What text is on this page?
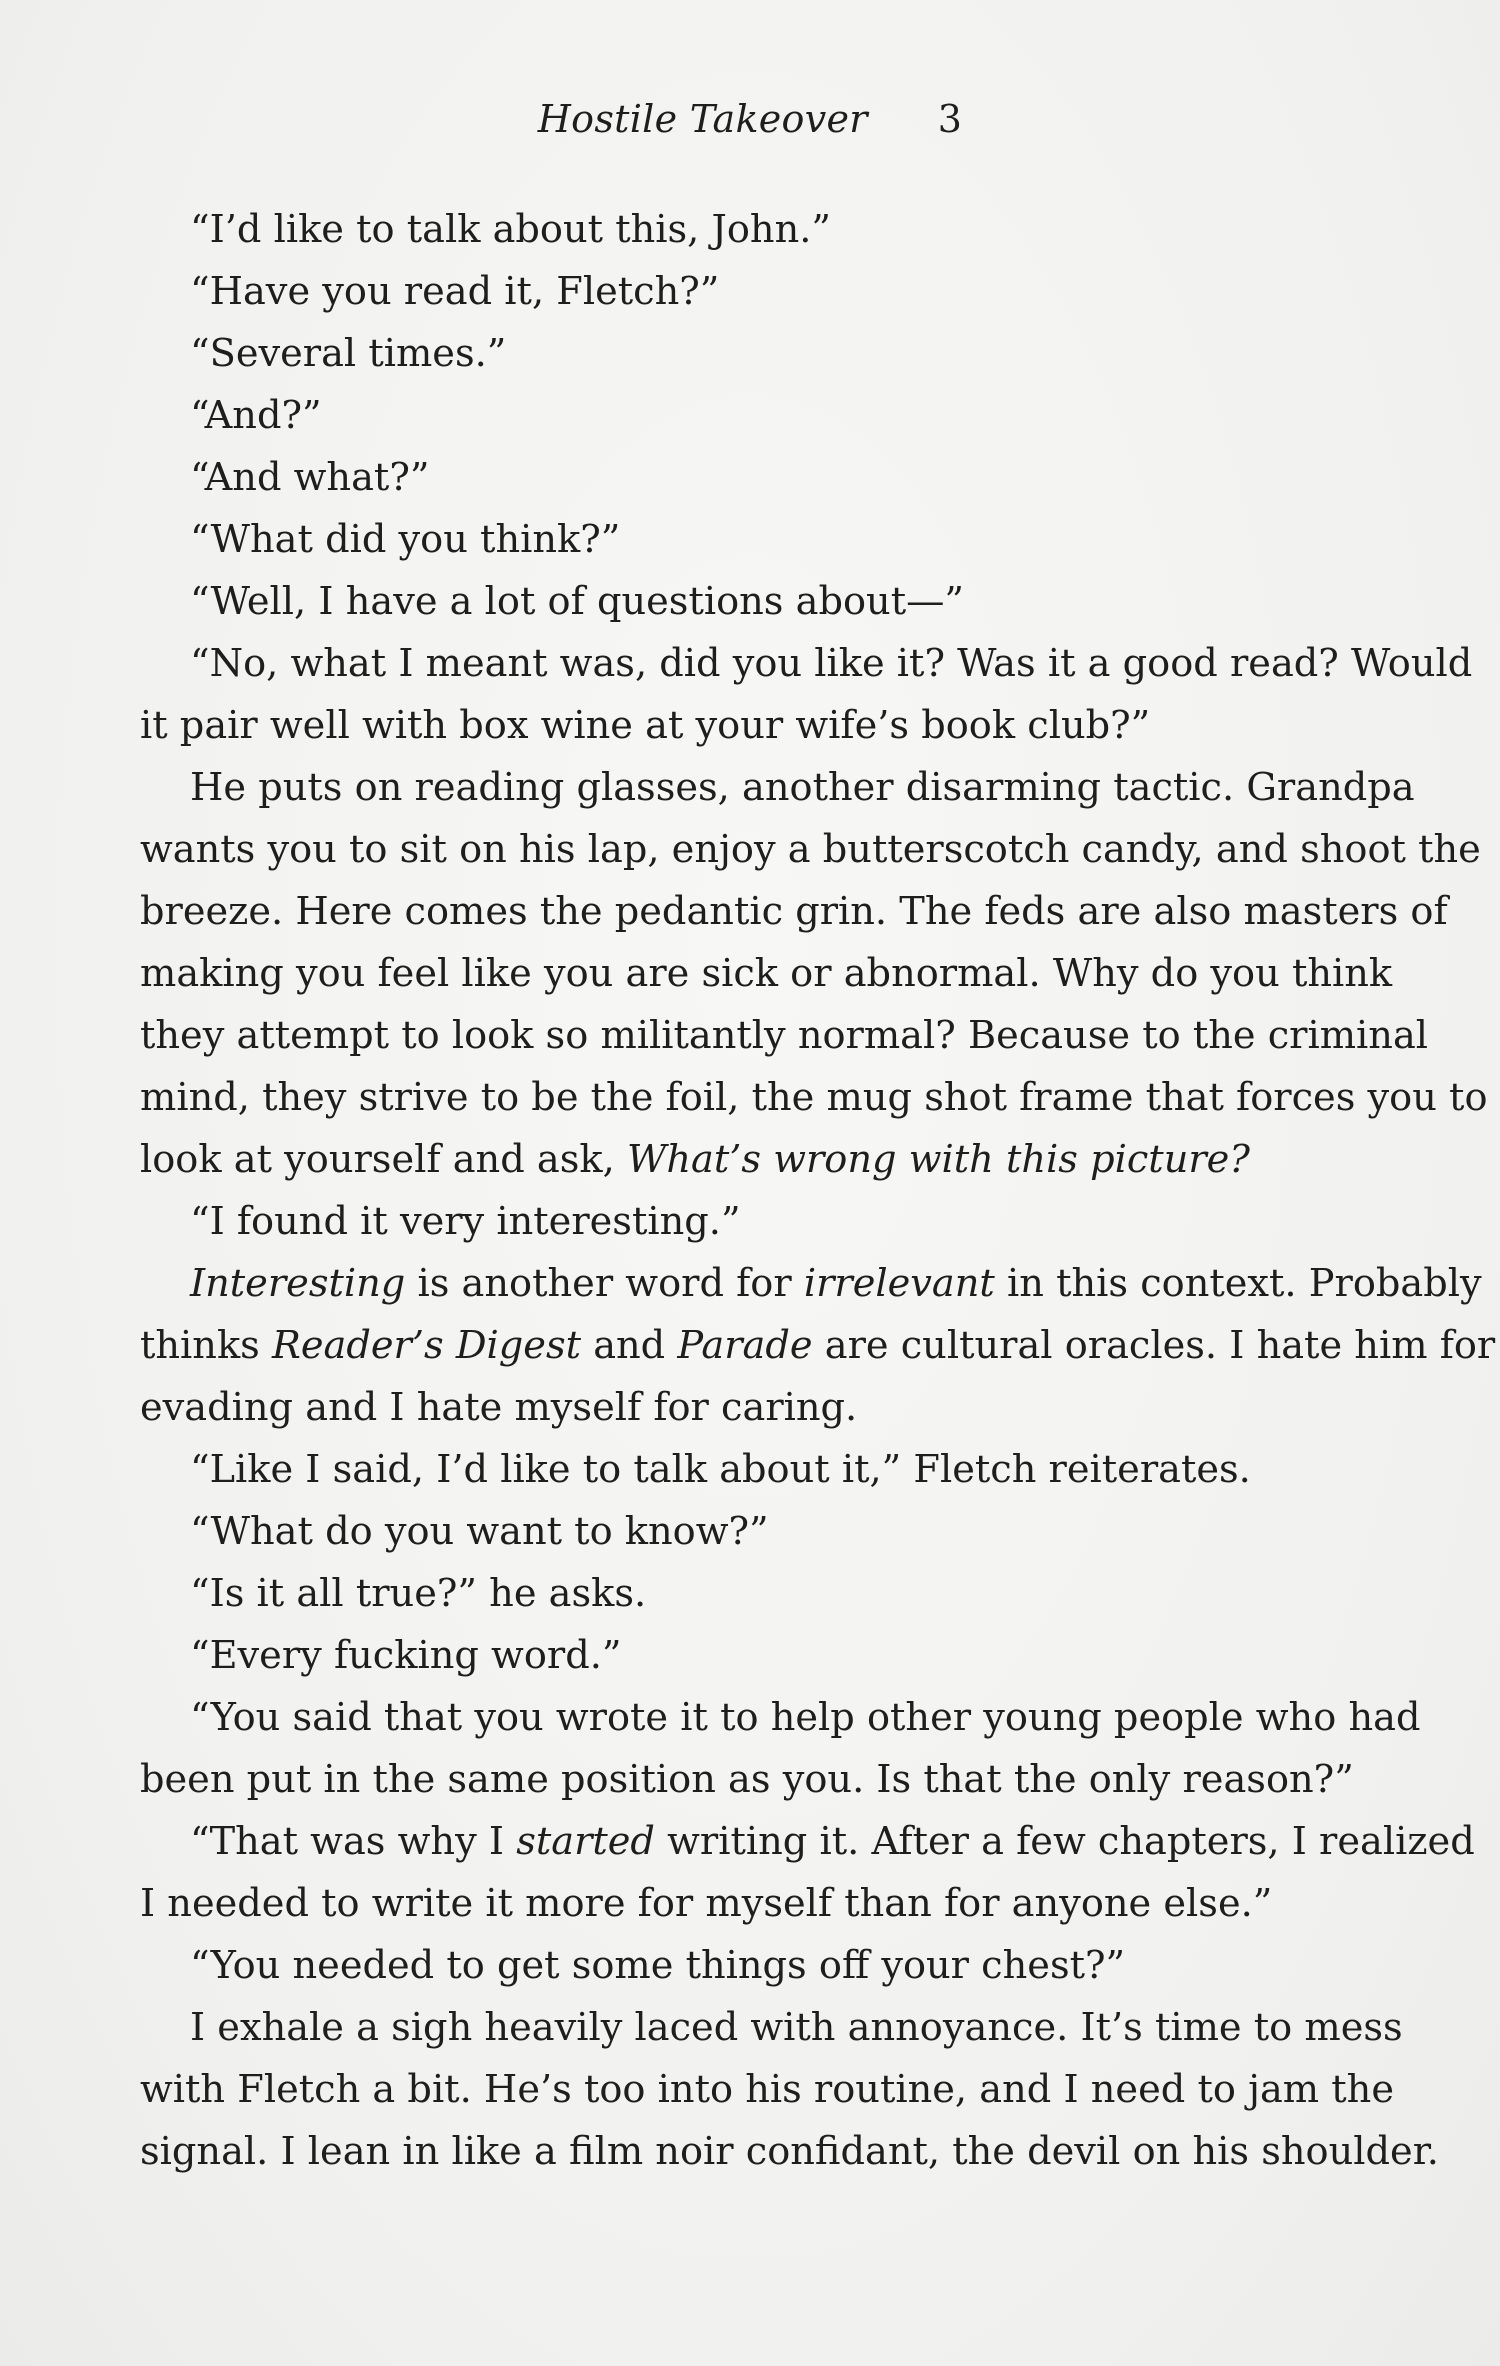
Hostile Takeover 3
“I’d like to talk about this, John.”
“Have you read it, Fletch?”
“Several times.”
“And?”
“And what?”
“What did you think?”
“Well, I have a lot of questions about—”
“No, what I meant was, did you like it? Was it a good read? Would
it pair well with box wine at your wife’s book club?”
He puts on reading glasses, another disarming tactic. Grandpa
wants you to sit on his lap, enjoy a butterscotch candy, and shoot the
breeze. Here comes the pedantic grin. The feds are also masters of
making you feel like you are sick or abnormal. Why do you think
they attempt to look so militantly normal? Because to the criminal
mind, they strive to be the foil, the mug shot frame that forces you to
look at yourself and ask, What’s wrong with this picture?
“I found it very interesting.”
Interesting is another word for irrelevant in this context. Probably
thinks Reader’s Digest and Parade are cultural oracles. I hate him for
evading and I hate myself for caring.
“Like I said, I’d like to talk about it,” Fletch reiterates.
“What do you want to know?”
“Is it all true?” he asks.
“Every fucking word.”
“You said that you wrote it to help other young people who had
been put in the same position as you. Is that the only reason?”
“That was why I started writing it. After a few chapters, I realized
I needed to write it more for myself than for anyone else.”
“You needed to get some things off your chest?”
I exhale a sigh heavily laced with annoyance. It’s time to mess
with Fletch a bit. He’s too into his routine, and I need to jam the
signal. I lean in like a film noir confidant, the devil on his shoulder.
